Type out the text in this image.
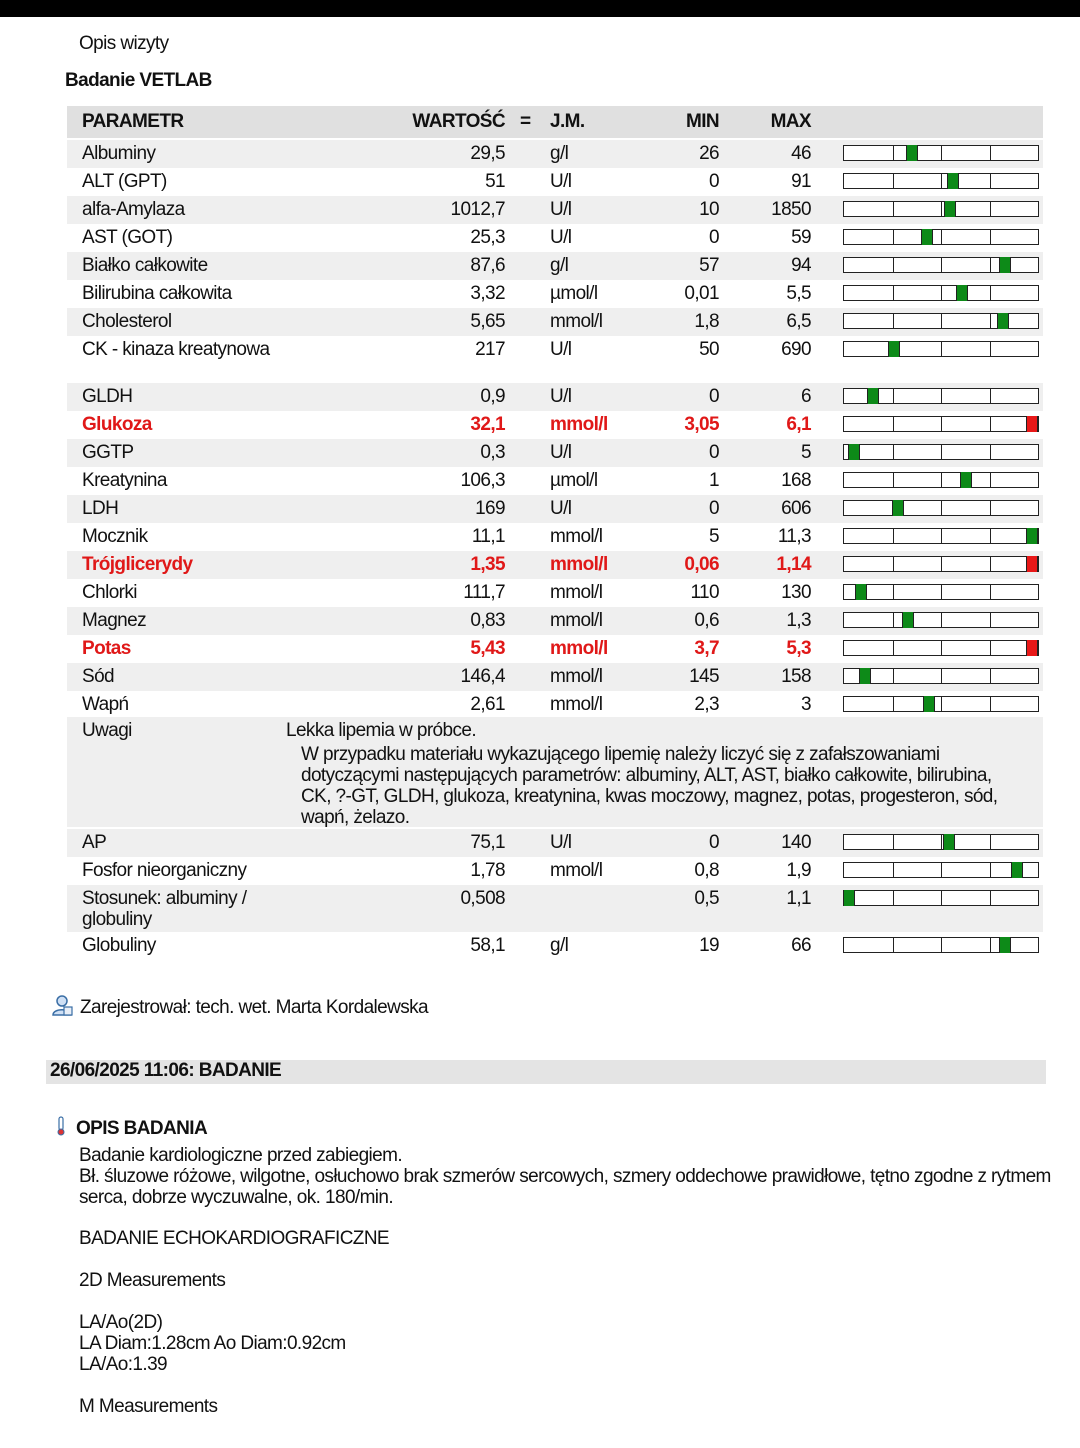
Opis wizyty
Badanie VETLAB
PARAMETR	WARTOŚĆ = J.M.	MIN	MAX
Albuminy	29,5 g/l	26	46
ALT (GPT)	51 U/l	0	91
alfa-Amylaza	1012,7 U/l	10	1850
AST (GOT)	25,3 U/l	0	59
Białko całkowite	87,6 g/l	57	94
Bilirubina całkowita	3,32 µmol/l	0,01	5,5
Cholesterol	5,65 mmol/l	1,8	6,5
CK - kinaza kreatynowa	217 U/l	50	690
GLDH	0,9 U/l	0	6
Glukoza	32,1 mmol/l	3,05	6,1
GGTP	0,3 U/l	0	5
Kreatynina	106,3 µmol/l	1	168
LDH	169 U/l	0	606
Mocznik	11,1 mmol/l	5	11,3
Trójglicerydy	1,35 mmol/l	0,06	1,14
Chlorki	111,7 mmol/l	110	130
Magnez	0,83 mmol/l	0,6	1,3
Potas	5,43 mmol/l	3,7	5,3
Sód	146,4 mmol/l	145	158
Wapń	2,61 mmol/l	2,3	3
Uwagi	Lekka lipemia w próbce.
W przypadku materiału wykazującego lipemię należy liczyć się z zafałszowaniami dotyczącymi następujących parametrów: albuminy, ALT, AST, białko całkowite, bilirubina, CK, ?-GT, GLDH, glukoza, kreatynina, kwas moczowy, magnez, potas, progesteron, sód, wapń, żelazo.
AP	75,1 U/l	0	140
Fosfor nieorganiczny	1,78 mmol/l	0,8	1,9
Stosunek: albuminy / globuliny
0,508	0,5	1,1
Globuliny	58,1 g/l	19	66
Zarejestrował: tech. wet. Marta Kordalewska
26/06/2025 11:06: BADANIE
OPIS BADANIA
Badanie kardiologiczne przed zabiegiem.
Bł. śluzowe różowe, wilgotne, osłuchowo brak szmerów sercowych, szmery oddechowe prawidłowe, tętno zgodne z rytmem serca, dobrze wyczuwalne, ok. 180/min.
BADANIE ECHOKARDIOGRAFICZNE
2D Measurements
LA/Ao(2D)
LA Diam:1.28cm Ao Diam:0.92cm
LA/Ao:1.39
M Measurements
